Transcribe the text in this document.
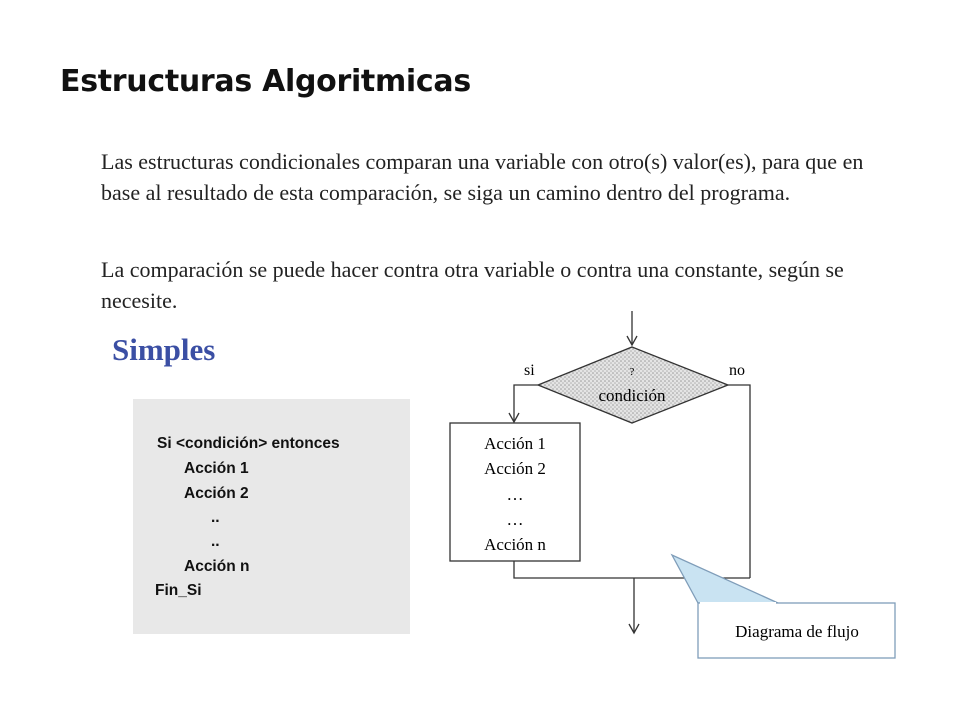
Estructuras Algoritmicas

Las estructuras condicionales comparan una variable con otro(s) valor(es), para que en base al resultado de esta comparación, se siga un camino dentro del programa.

La comparación se puede hacer contra otra variable o contra una constante, según se necesite.

Simples
Si <condición> entonces
Acción 1
Acción 2
..
..
Acción n
Fin_Si
?
condición
si	no
Acción 1
Acción 2
…
…
Acción n
Diagrama de flujo
